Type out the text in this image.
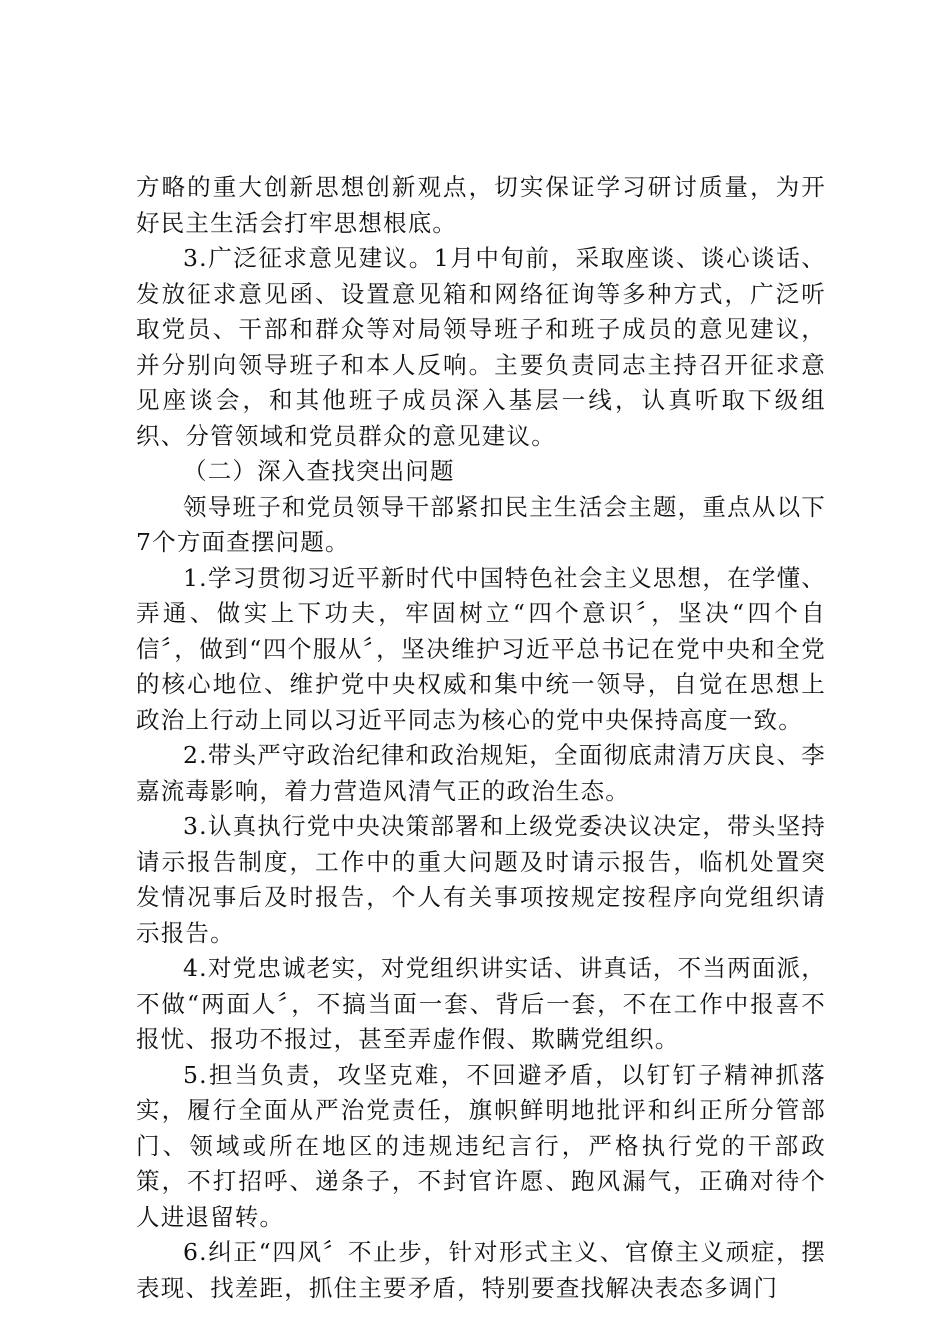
方略的重大创新思想创新观点，切实保证学习研讨质量，为开好民主生活会打牢思想根底。

3.广泛征求意见建议。1月中旬前，采取座谈、谈心谈话、发放征求意见函、设置意见箱和网络征询等多种方式，广泛听取党员、干部和群众等对局领导班子和班子成员的意见建议，并分别向领导班子和本人反响。主要负责同志主持召开征求意见座谈会，和其他班子成员深入基层一线，认真听取下级组织、分管领域和党员群众的意见建议。

（二）深入查找突出问题

领导班子和党员领导干部紧扣民主生活会主题，重点从以下7个方面查摆问题。

1.学习贯彻习近平新时代中国特色社会主义思想，在学懂、弄通、做实上下功夫，牢固树立“四个意识〞，坚决“四个自信〞，做到“四个服从〞，坚决维护习近平总书记在党中央和全党的核心地位、维护党中央权威和集中统一领导，自觉在思想上政治上行动上同以习近平同志为核心的党中央保持高度一致。

2.带头严守政治纪律和政治规矩，全面彻底肃清万庆良、李嘉流毒影响，着力营造风清气正的政治生态。

3.认真执行党中央决策部署和上级党委决议决定，带头坚持请示报告制度，工作中的重大问题及时请示报告，临机处置突发情况事后及时报告，个人有关事项按规定按程序向党组织请示报告。

4.对党忠诚老实，对党组织讲实话、讲真话，不当两面派，不做“两面人〞，不搞当面一套、背后一套，不在工作中报喜不报忧、报功不报过，甚至弄虚作假、欺瞒党组织。

5.担当负责，攻坚克难，不回避矛盾，以钉钉子精神抓落实，履行全面从严治党责任，旗帜鲜明地批评和纠正所分管部门、领域或所在地区的违规违纪言行，严格执行党的干部政策，不打招呼、递条子，不封官许愿、跑风漏气，正确对待个人进退留转。

6.纠正“四风〞不止步，针对形式主义、官僚主义顽症，摆表现、找差距，抓住主要矛盾，特别要查找解决表态多调门
